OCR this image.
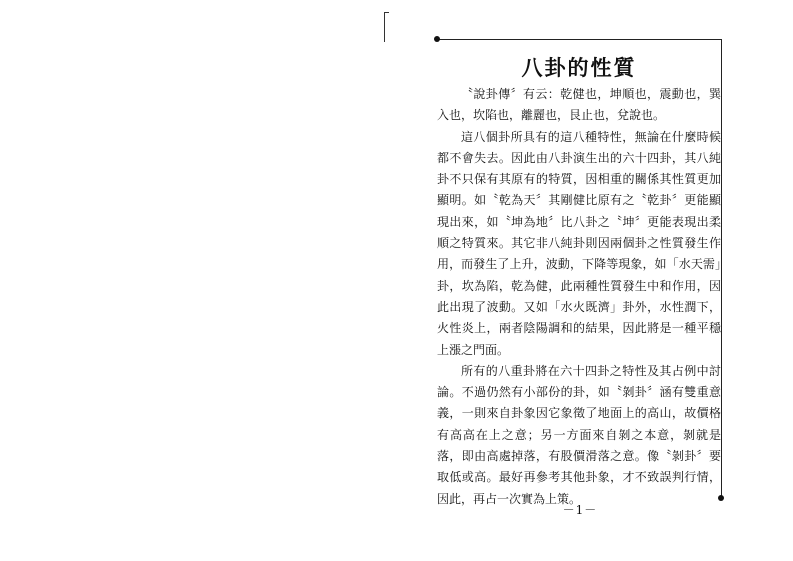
八卦的性質

〝說卦傳〞有云：乾健也，坤順也，震動也，巽入也，坎陷也，離麗也，艮止也，兌說也。

這八個卦所具有的這八種特性，無論在什麼時候都不會失去。因此由八卦演生出的六十四卦，其八純卦不只保有其原有的特質，因相重的關係其性質更加顯明。如〝乾為天〞其剛健比原有之〝乾卦〞更能顯現出來，如〝坤為地〞比八卦之〝坤〞更能表現出柔順之特質來。其它非八純卦則因兩個卦之性質發生作用，而發生了上升，波動，下降等現象，如「水天需」卦，坎為陷，乾為健，此兩種性質發生中和作用，因此出現了波動。又如「水火既濟」卦外，水性潤下，火性炎上，兩者陰陽調和的結果，因此將是一種平穩上漲之門面。

所有的八重卦將在六十四卦之特性及其占例中討論。不過仍然有小部份的卦，如〝剝卦〞涵有雙重意義，一則來自卦象因它象徵了地面上的高山，故價格有高高在上之意；另一方面來自剝之本意，剝就是落，即由高處掉落，有股價滑落之意。像〝剝卦〞要取低或高。最好再參考其他卦象，才不致誤判行情，因此，再占一次實為上策。

－1－
